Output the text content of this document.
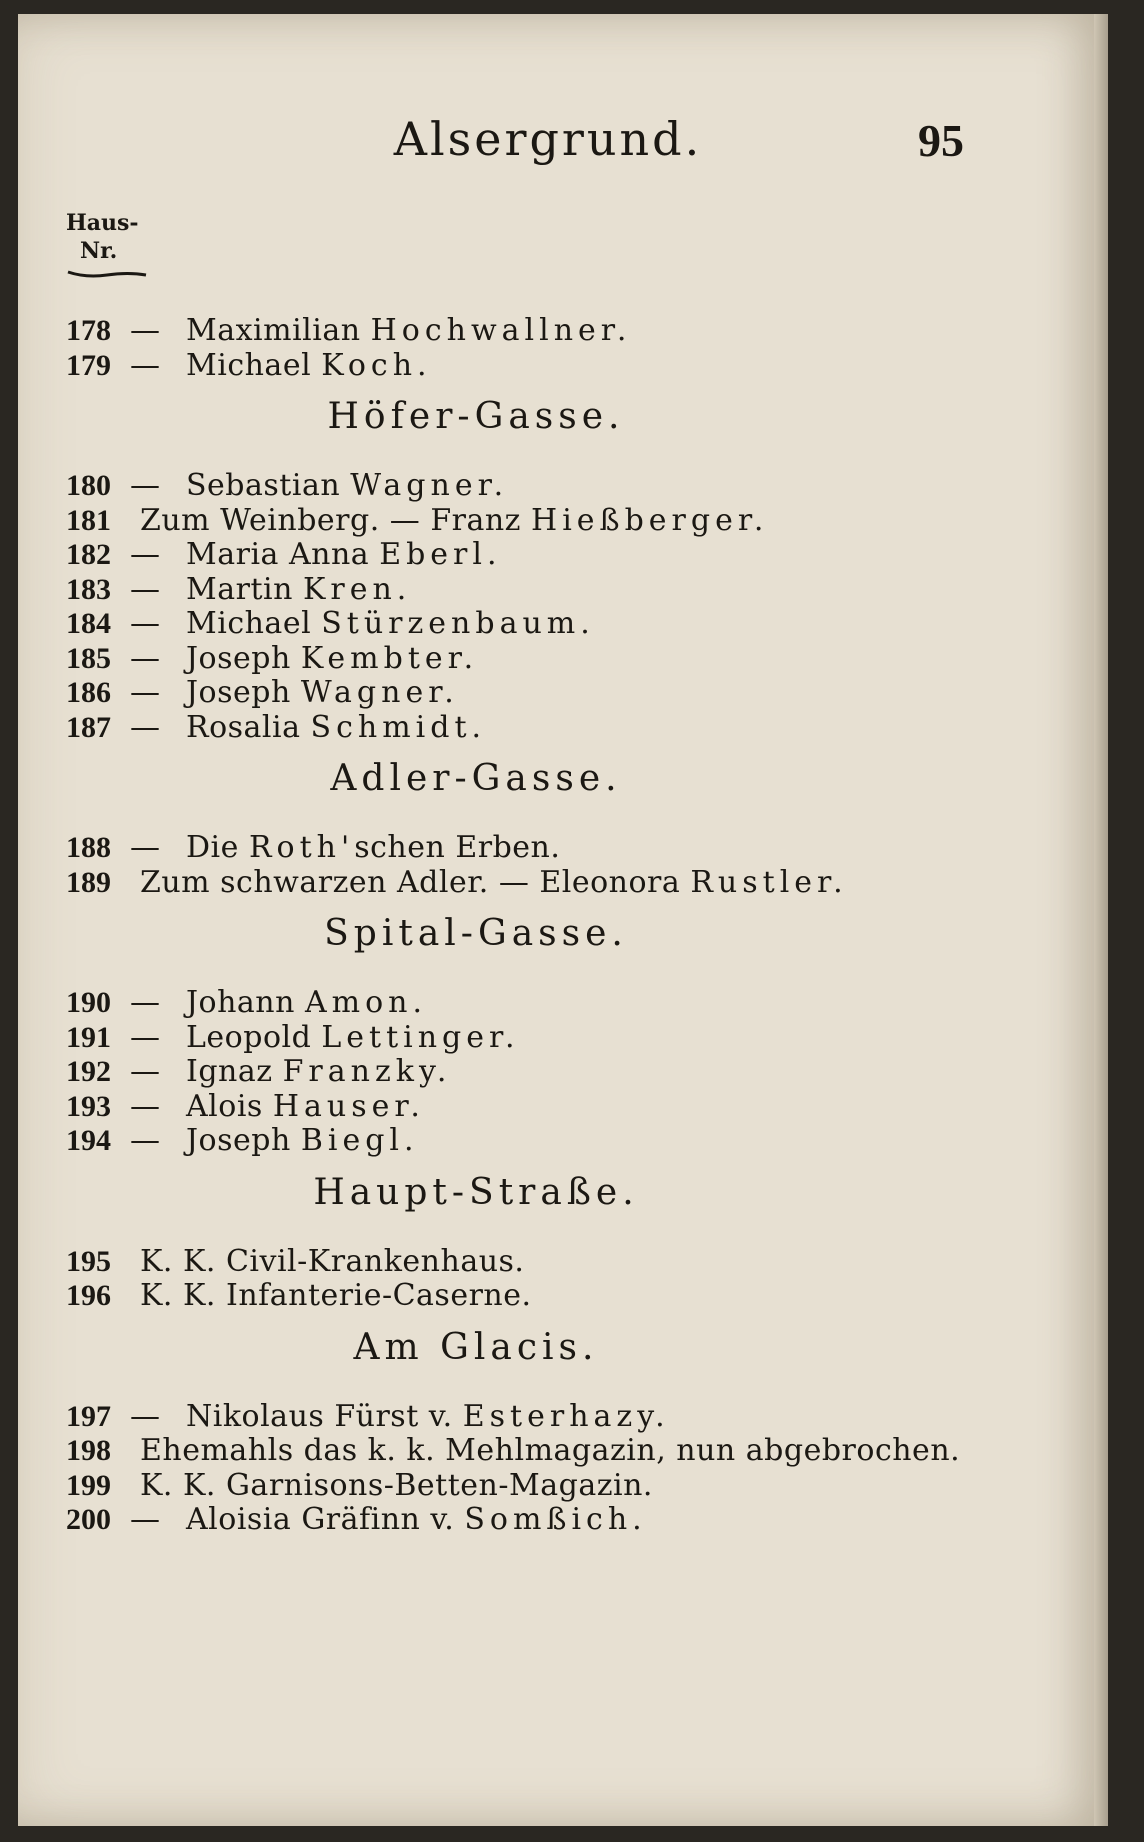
Alsergrund.	95
Haus-
Nr.
178 — Maximilian Hochwallner.
179 — Michael Koch.
Höfer-Gasse.
180 — Sebastian Wagner.
181 Zum Weinberg. — Franz Hießberger.
182 — Maria Anna Eberl.
183 — Martin Kren.
184 — Michael Stürzenbaum.
185 — Joseph Kembter.
186 — Joseph Wagner.
187 — Rosalia Schmidt.
Adler-Gasse.
188 — Die Roth'schen Erben.
189 Zum schwarzen Adler. — Eleonora Rustler.
Spital-Gasse.
190 — Johann Amon.
191 — Leopold Lettinger.
192 — Ignaz Franzky.
193 — Alois Hauser.
194 — Joseph Biegl.
Haupt-Straße.
195 K. K. Civil-Krankenhaus.
196 K. K. Infanterie-Caserne.
Am Glacis.
197 — Nikolaus Fürst v. Esterhazy.
198 Ehemahls das k. k. Mehlmagazin, nun abgebrochen.
199 K. K. Garnisons-Betten-Magazin.
200 — Aloisia Gräfinn v. Somßich.
